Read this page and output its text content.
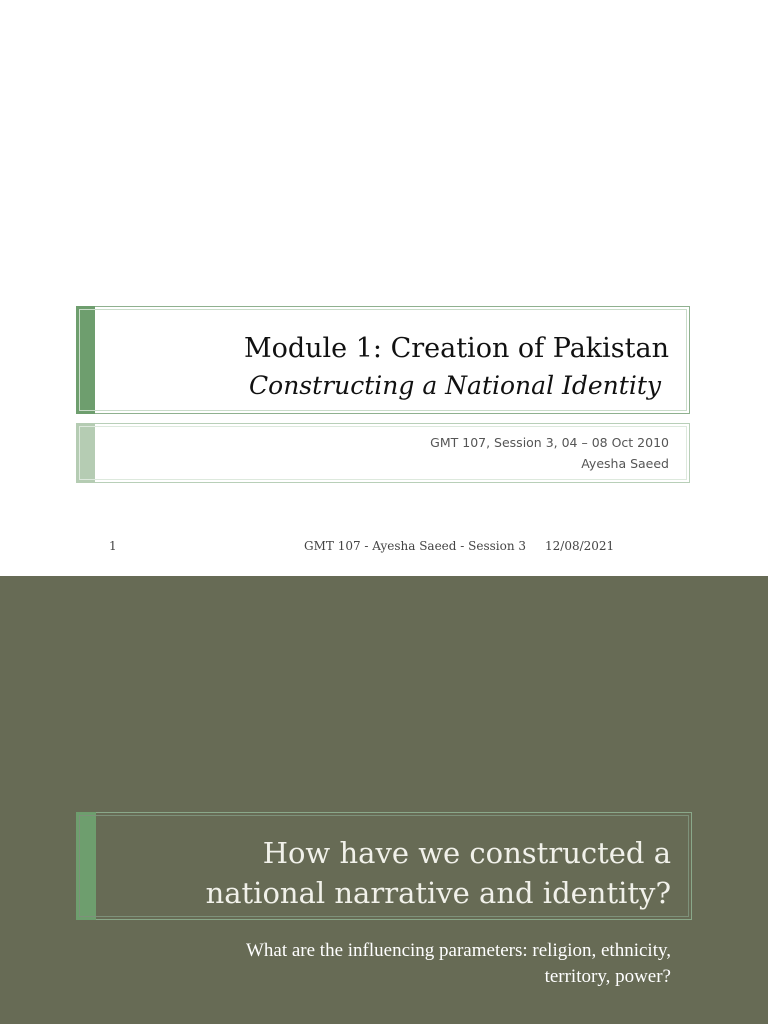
Module 1: Creation of Pakistan
Constructing a National Identity
GMT 107, Session 3, 04 – 08 Oct 2010
Ayesha Saeed
1	GMT 107 - Ayesha Saeed - Session 3 12/08/2021
How have we constructed a
national narrative and identity?
What are the influencing parameters: religion, ethnicity,
territory, power?
